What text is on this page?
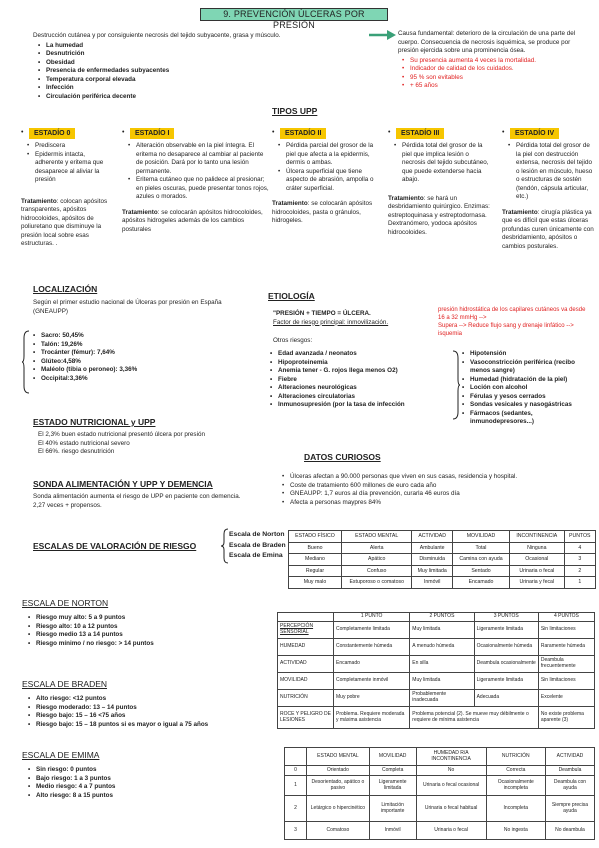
9. PREVENCIÓN ÚLCERAS POR PRESIÓN
Destrucción cutánea y por consiguiente necrosis del tejido subyacente, grasa y músculo.
• La humedad
• Desnutrición
• Obesidad
• Presencia de enfermedades subyacentes
• Temperatura corporal elevada
• Infección
• Circulación periférica decente
Causa fundamental: deterioro de la circulación de una parte del cuerpo. Consecuencia de necrosis isquémica, se produce por presión ejercida sobre una prominencia ósea.
• Su presencia aumenta 4 veces la mortalidad.
• Indicador de calidad de los cuidados.
• 95 % son evitables
• + 65 años
TIPOS UPP
• ESTADÍO 0
• Prediscera
• Epidermis intacta, adherente y eritema que desaparece al aliviar la presión
Tratamiento: colocan apósitos transparentes, apósitos hidrocoloides, apósitos de poliuretano que disminuye la presión local sobre esas estructuras. .
• ESTADÍO I
• Alteración observable en la piel íntegra. El eritema no desaparece al cambiar al paciente de posición. Dará por lo tanto una lesión permanente.
• Eritema cutáneo que no palidece al presionar; en pieles oscuras, puede presentar tonos rojos, azules o morados.
Tratamiento: se colocarán apósitos hidrocoloides, apósitos hidrogeles además de los cambios posturales
• ESTADÍO II
• Pérdida parcial del grosor de la piel que afecta a la epidermis, dermis o ambas.
• Úlcera superficial que tiene aspecto de abrasión, ampolla o cráter superficial.
Tratamiento: se colocarán apósitos hidrocoloides, pasta o gránulos, hidrogeles.
• ESTADÍO III
• Pérdida total del grosor de la piel que implica lesión o necrosis del tejido subcutáneo, que puede extenderse hacia abajo.
Tratamiento: se hará un desbridamiento quirúrgico. Enzimas: estreptoquinasa y estreptodornasa. Dextranómero, yodoca apósitos hidrocoloides.
• ESTADÍO IV
• Pérdida total del grosor de la piel con destrucción extensa, necrosis del tejido o lesión en músculo, hueso o estructuras de sostén (tendón, cápsula articular, etc.)
Tratamiento: cirugía plástica ya que es difícil que estas úlceras profundas curen únicamente con desbridamiento, apósitos o cambios posturales.
LOCALIZACIÓN
Según el primer estudio nacional de Úlceras por presión en España (GNEAUPP)
• Sacro: 50,45%
• Talón: 19,26%
• Trocánter (fémur): 7,64%
• Glúteo:4,58%
• Maléolo (tibia o peroneo): 3,36%
• Occipital:3,36%
ETIOLOGÍA
"PRESIÓN + TIEMPO = ÚLCERA.
Factor de riesgo principal: inmovilización.
Otros riesgos:
• Edad avanzada / neonatos
• Hipoproteinemia
• Anemia tener - G. rojos llega menos O2)
• Fiebre
• Alteraciones neurológicas
• Alteraciones circulatorias
• Inmunosupresión (por la tasa de infección
presión hidrostática de los capilares cutáneos va desde 16 a 32 mmHg -->
Supera --> Reduce flujo sang y drenaje linfático --> isquemia
• Hipotensión
• Vasoconstricción periférica (recibo menos sangre)
• Humedad (hidratación de la piel)
• Loción con alcohol
• Férulas y yesos cerrados
• Sondas vesicales y nasogástricas
• Fármacos (sedantes, inmunodepresores...)
ESTADO NUTRICIONAL y UPP
El 2,3% buen estado nutricional presentó úlcera por presión
El 40% estado nutricional severo
El 66%. riesgo desnutrición
DATOS CURIOSOS
• Úlceras afectan a 90.000 personas que viven en sus casas, residencia y hospital.
• Coste de tratamiento 600 millones de euro cada año
• GNEAUPP: 1,7 euros al día prevención, curarla 46 euros día
• Afecta a personas maypres 84%
SONDA ALIMENTACIÓN Y UPP Y DEMENCIA
Sonda alimentación aumenta el riesgo de UPP en paciente con demencia.
2,27 veces + propensos.
ESCALAS DE VALORACIÓN DE RIESGO
Escala de Norton
Escala de Braden
Escala de Emina
ESTADO FÍSICO	ESTADO MENTAL	ACTIVIDAD	MOVILIDAD	INCONTINENCIA	PUNTOS
Bueno	Alerta	Ambulante	Total	Ninguna	4
Mediano	Apático	Disminuida	Camina con ayuda	Ocasional	3
Regular	Confuso	Muy limitada	Sentado	Urinaria o fecal	2
Muy malo	Estuporoso o comatoso	Inmóvil	Encamado	Urinaria y fecal	1
ESCALA DE NORTON
• Riesgo muy alto: 5 a 9 puntos
• Riesgo alto: 10 a 12 puntos
• Riesgo medio 13 a 14 puntos
• Riesgo mínimo / no riesgo: > 14 puntos
	1 PUNTO	2 PUNTOS	3 PUNTOS	4 PUNTOS
PERCEPCIÓN SENSORIAL	Completamente limitada	Muy limitada	Ligeramente limitada	Sin limitaciones
HUMEDAD	Constantemente húmeda	A menudo húmeda	Ocasionalmente húmeda	Raramente húmeda
ACTIVIDAD	Encamado	En silla	Deambula ocasionalmente	Deambula frecuentemente
MOVILIDAD	Completamente inmóvil	Muy limitada	Ligeramente limitada	Sin limitaciones
NUTRICIÓN	Muy pobre	Probablemente inadecuada	Adecuada	Excelente
ROCE Y PELIGRO DE LESIONES	Problema. Requiere moderada y máxima asistencia	Problema potencial (2). Se mueve muy débilmente o requiere de mínima asistencia		No existe problema aparente (3)
ESCALA DE BRADEN
• Alto riesgo: <12 puntos
• Riesgo moderado: 13 – 14 puntos
• Riesgo bajo: 15 – 16 <75 años
• Riesgo bajo: 15 – 18 puntos si es mayor o igual a 75 años
ESCALA DE EMIMA
• Sin riesgo: 0 puntos
• Bajo riesgo: 1 a 3 puntos
• Medio riesgo: 4 a 7 puntos
• Alto riesgo: 8 a 15 puntos
	ESTADO MENTAL	MOVILIDAD	HUMEDAD R/A INCONTINENCIA	NUTRICIÓN	ACTIVIDAD
0	Orientado	Completa	No	Correcta	Deambula
1	Desorientado, apático o pasivo	Ligeramente limitada	Urinaria o fecal ocasional	Ocasionalmente incompleta	Deambula con ayuda
2	Letárgico o hipercinético	Limitación importante	Urinaria o fecal habitual	Incompleta	Siempre precisa ayuda
3	Comatoso	Inmóvil	Urinaria o fecal	No ingesta	No deambula
